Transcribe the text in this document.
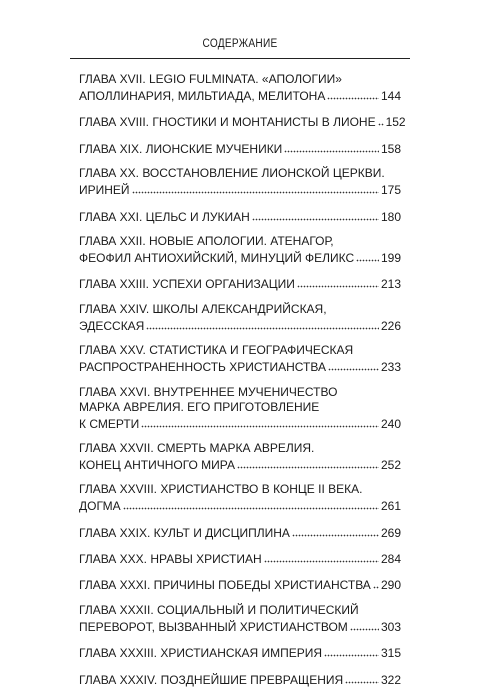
СОДЕРЖАНИЕ
ГЛАВА XVII. LEGIO FULMINATA. «АПОЛОГИИ»
АПОЛЛИНАРИЯ, МИЛЬТИАДА, МЕЛИТОНА	144
ГЛАВА XVIII. ГНОСТИКИ И МОНТАНИСТЫ В ЛИОНЕ 152
ГЛАВА XIX. ЛИОНСКИЕ МУЧЕНИКИ	158
ГЛАВА XX. ВОССТАНОВЛЕНИЕ ЛИОНСКОЙ ЦЕРКВИ.
ИРИНЕЙ	175
ГЛАВА XXI. ЦЕЛЬС И ЛУКИАН	180
ГЛАВА XXII. НОВЫЕ АПОЛОГИИ. АТЕНАГОР,
ФЕОФИЛ АНТИОХИЙСКИЙ, МИНУЦИЙ ФЕЛИКС 199
ГЛАВА XXIII. УСПЕХИ ОРГАНИЗАЦИИ	213
ГЛАВА XXIV. ШКОЛЫ АЛЕКСАНДРИЙСКАЯ,
ЭДЕССКАЯ	226
ГЛАВА XXV. СТАТИСТИКА И ГЕОГРАФИЧЕСКАЯ
РАСПРОСТРАНЕННОСТЬ ХРИСТИАНСТВА	233
ГЛАВА XXVI. ВНУТРЕННЕЕ МУЧЕНИЧЕСТВО
МАРКА АВРЕЛИЯ. ЕГО ПРИГОТОВЛЕНИЕ
К СМЕРТИ	240
ГЛАВА XXVII. СМЕРТЬ МАРКА АВРЕЛИЯ.
КОНЕЦ АНТИЧНОГО МИРА	252
ГЛАВА XXVIII. ХРИСТИАНСТВО В КОНЦЕ II ВЕКА.
ДОГМА	261
ГЛАВА XXIX. КУЛЬТ И ДИСЦИПЛИНА	269
ГЛАВА XXX. НРАВЫ ХРИСТИАН	284
ГЛАВА XXXI. ПРИЧИНЫ ПОБЕДЫ ХРИСТИАНСТВА 290
ГЛАВА XXXII. СОЦИАЛЬНЫЙ И ПОЛИТИЧЕСКИЙ
ПЕРЕВОРОТ, ВЫЗВАННЫЙ ХРИСТИАНСТВОМ	303
ГЛАВА XXXIII. ХРИСТИАНСКАЯ ИМПЕРИЯ	315
ГЛАВА XXXIV. ПОЗДНЕЙШИЕ ПРЕВРАЩЕНИЯ	322
